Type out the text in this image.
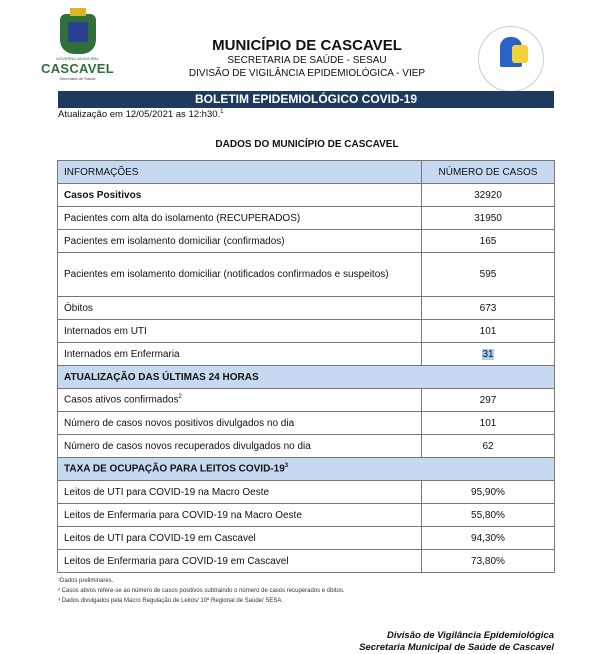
GOVERNO MUNICIPAL
CASCAVEL
Secretaria de Saúde
MUNICÍPIO DE CASCAVEL
SECRETARIA DE SAÚDE - SESAU
DIVISÃO DE VIGILÂNCIA EPIDEMIOLÓGICA - VIEP
BOLETIM EPIDEMIOLÓGICO COVID-19
Atualização em 12/05/2021 as 12:h30.$^1$
DADOS DO MUNICÍPIO DE CASCAVEL
INFORMAÇÕES	NÚMERO DE CASOS
Casos Positivos	32920
Pacientes com alta do isolamento (RECUPERADOS)	31950
Pacientes em isolamento domiciliar (confirmados)	165
Pacientes em isolamento domiciliar (notificados confirmados e suspeitos)	595
Óbitos	673
Internados em UTI	101
Internados em Enfermaria	31
ATUALIZAÇÃO DAS ÚLTIMAS 24 HORAS	
Casos ativos confirmados$^2$	297
Número de casos novos positivos divulgados no dia	101
Número de casos novos recuperados divulgados no dia	62
TAXA DE OCUPAÇÃO PARA LEITOS COVID-$19^3$
Leitos de UTI para COVID-19 na Macro Oeste	95,90%
Leitos de Enfermaria para COVID-19 na Macro Oeste	55,80%
Leitos de UTI para COVID-19 em Cascavel	94,30%
Leitos de Enfermaria para COVID-19 em Cascavel	73,80%
¹Dados preliminares.
² Casos ativos refere-se ao número de casos positivos subtraindo o número de casos recuperados e óbitos.
³ Dados divulgados pela Macro Regulação de Leitos/ 10ª Regional de Saúde/ SESA.
Divisão de Vigilância Epidemiológica
Secretaria Municipal de Saúde de Cascavel
